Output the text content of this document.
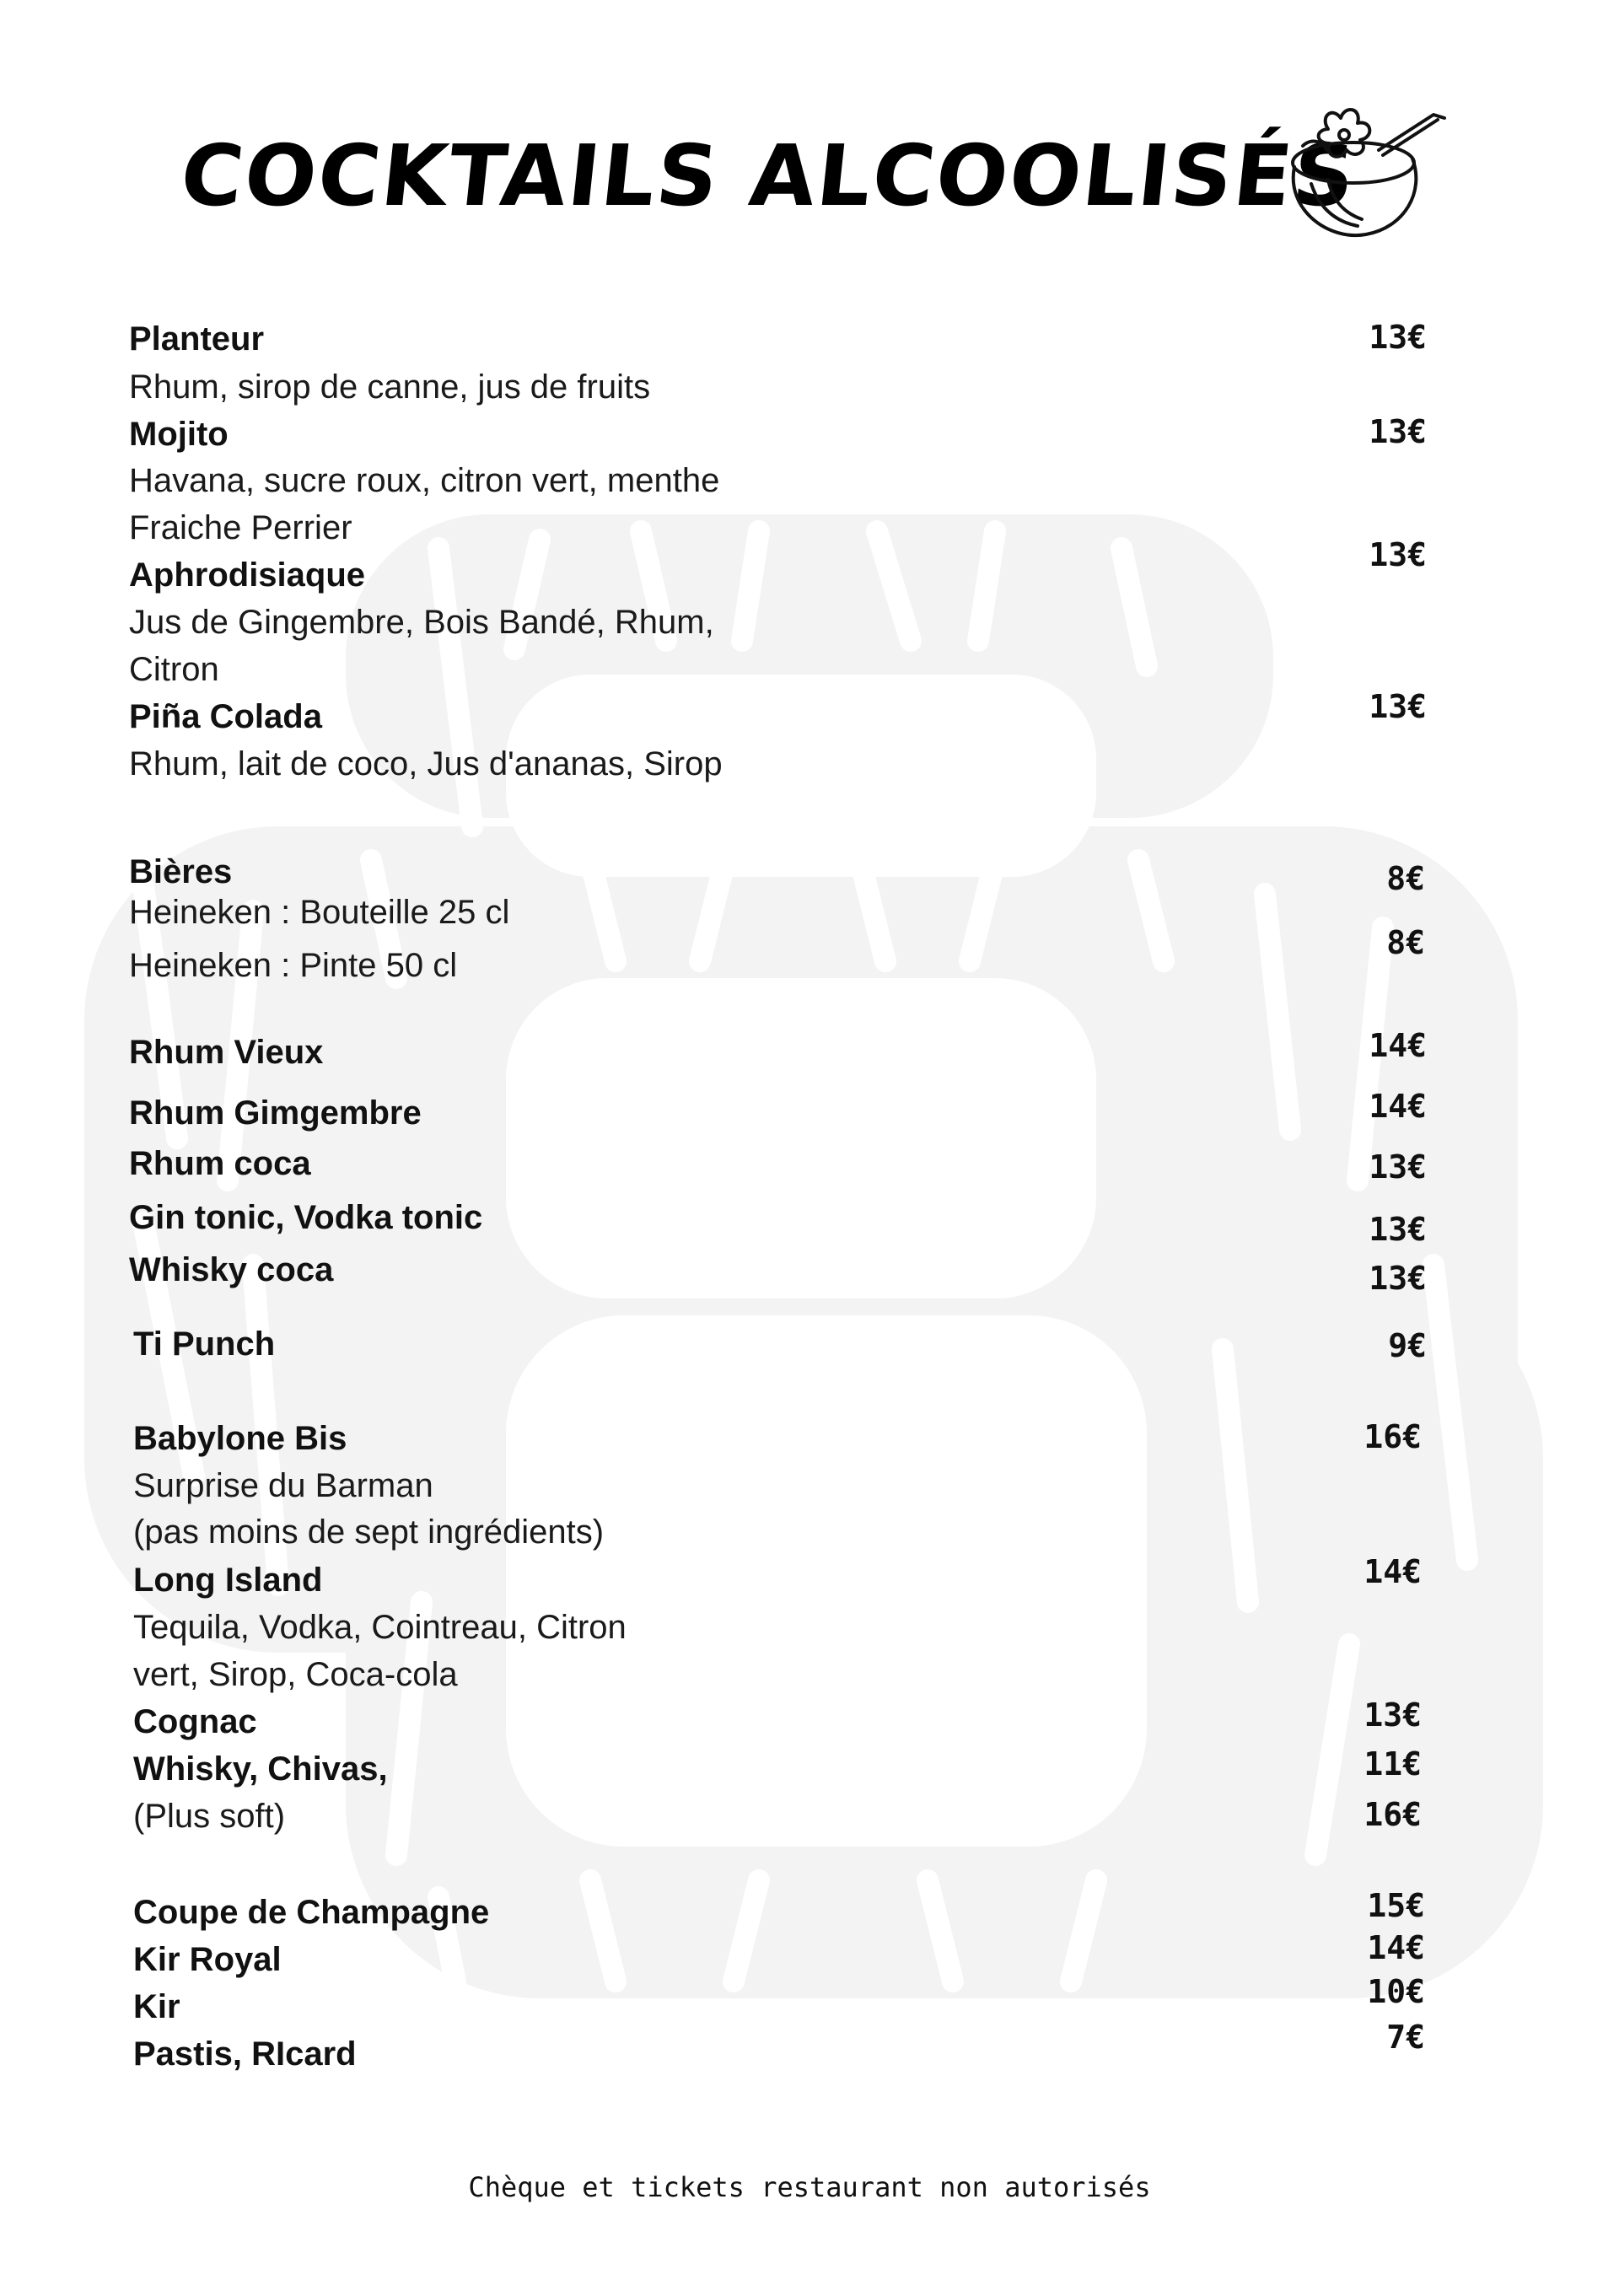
COCKTAILS ALCOOLISÉS
Planteur
Rhum, sirop de canne, jus de fruits
13€
Mojito
Havana, sucre roux, citron vert, menthe
Fraiche Perrier
13€
Aphrodisiaque
Jus de Gingembre, Bois Bandé, Rhum,
Citron
13€
Piña Colada
Rhum, lait de coco, Jus d'ananas, Sirop
13€
Bières
Heineken : Bouteille 25 cl
8€
Heineken : Pinte 50 cl
8€
Rhum Vieux	14€
Rhum Gimgembre	14€
Rhum coca	13€
Gin tonic, Vodka tonic	13€
Whisky coca	13€
Ti Punch	9€
Babylone Bis
Surprise du Barman
(pas moins de sept ingrédients)
16€
Long Island
Tequila, Vodka, Cointreau, Citron
vert, Sirop, Coca-cola
14€
Cognac	13€
Whisky, Chivas,	11€
(Plus soft)	16€
Coupe de Champagne	15€
Kir Royal	14€
Kir	10€
Pastis, RIcard	7€
Chèque et tickets restaurant non autorisés
